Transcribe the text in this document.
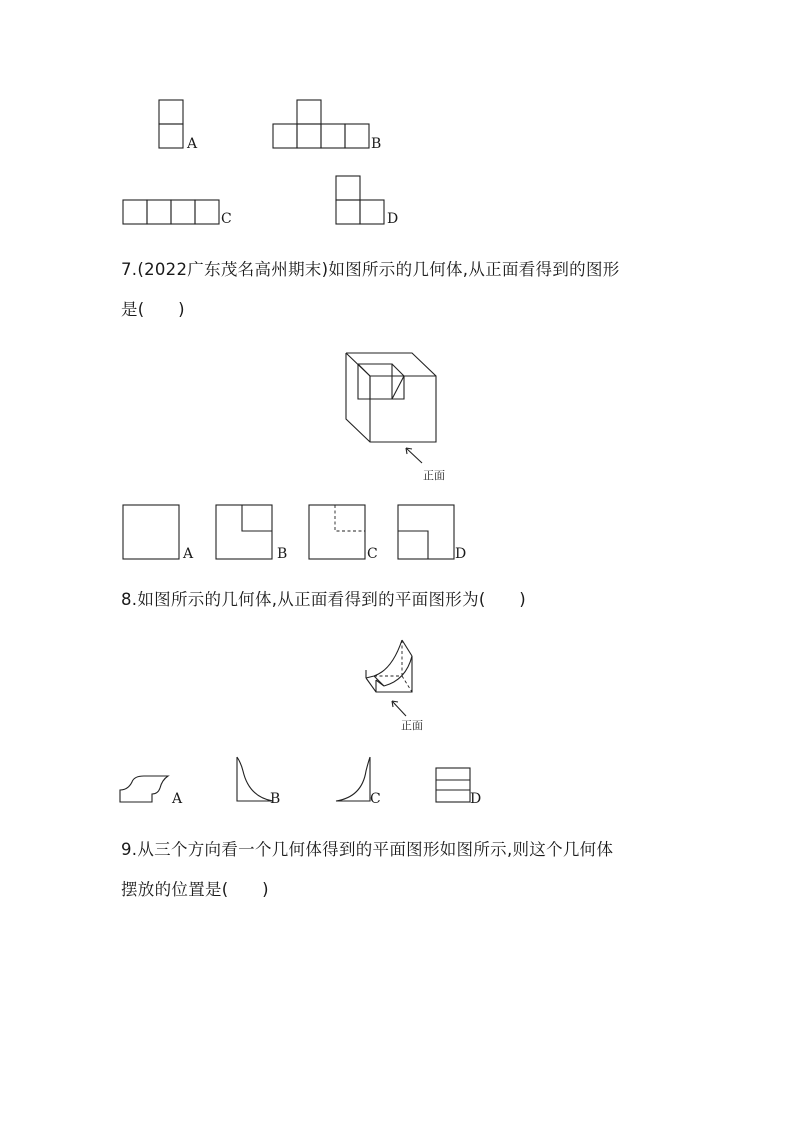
A	B
C	D
7.(2022广东茂名高州期末)如图所示的几何体,从正面看得到的图形
是(　　)
正面
A	B	C	D
8.如图所示的几何体,从正面看得到的平面图形为(　　)
正面
A	B	C	D
9.从三个方向看一个几何体得到的平面图形如图所示,则这个几何体
摆放的位置是(　　)
